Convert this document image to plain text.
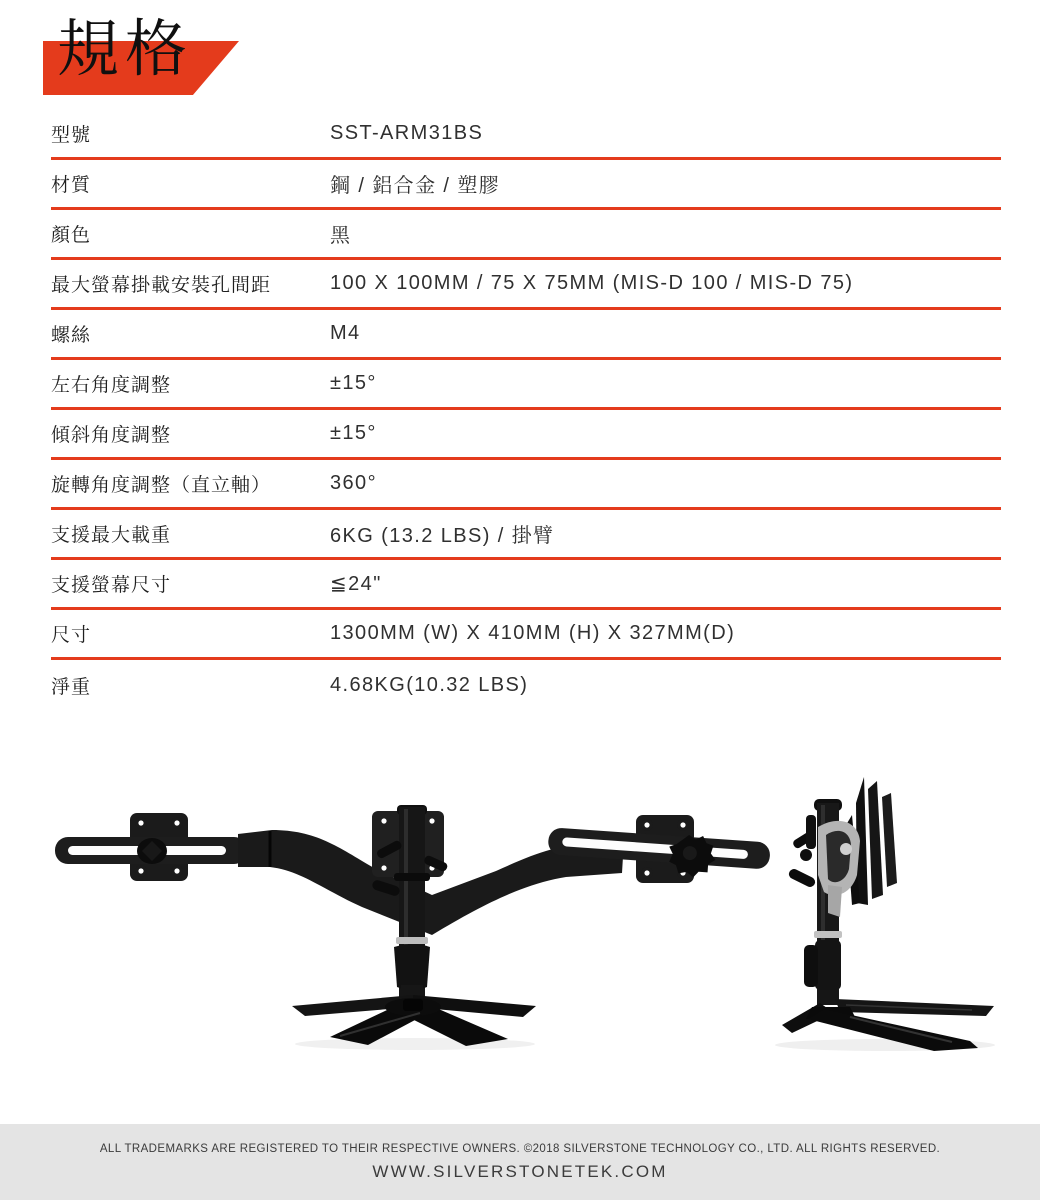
規格
型號	SST-ARM31BS
材質	鋼 / 鋁合金 / 塑膠
顏色	黑
最大螢幕掛載安裝孔間距	100 X 100MM / 75 X 75MM (MIS-D 100 / MIS-D 75)
螺絲	M4
左右角度調整	±15°
傾斜角度調整	±15°
旋轉角度調整（直立軸）	360°
支援最大載重	6KG (13.2 LBS) / 掛臂
支援螢幕尺寸	≦24"
尺寸	1300MM (W) X 410MM (H) X 327MM(D)
淨重	4.68KG(10.32 LBS)
ALL TRADEMARKS ARE REGISTERED TO THEIR RESPECTIVE OWNERS. ©2018 SILVERSTONE TECHNOLOGY CO., LTD. ALL RIGHTS RESERVED.
WWW.SILVERSTONETEK.COM
